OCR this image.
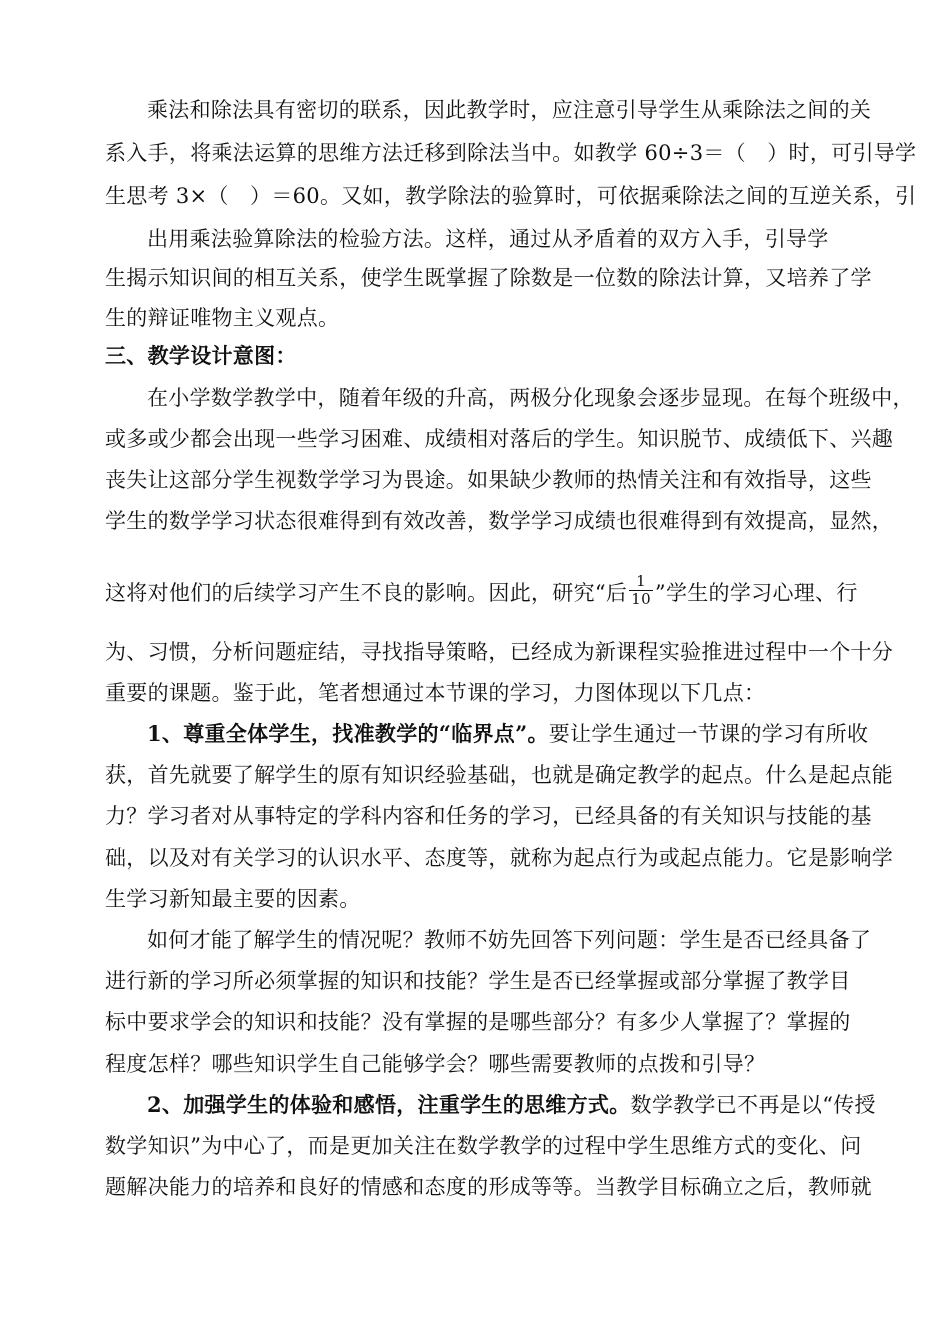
乘法和除法具有密切的联系，因此教学时，应注意引导学生从乘除法之间的关
系入手，将乘法运算的思维方法迁移到除法当中。如教学 60÷3＝（　）时，可引导学
生思考 3×（　）＝60。又如，教学除法的验算时，可依据乘除法之间的互逆关系，引
出用乘法验算除法的检验方法。这样，通过从矛盾着的双方入手，引导学
生揭示知识间的相互关系，使学生既掌握了除数是一位数的除法计算，又培养了学
生的辩证唯物主义观点。
三、教学设计意图：
在小学数学教学中，随着年级的升高，两极分化现象会逐步显现。在每个班级中，
或多或少都会出现一些学习困难、成绩相对落后的学生。知识脱节、成绩低下、兴趣
丧失让这部分学生视数学学习为畏途。如果缺少教师的热情关注和有效指导，这些
学生的数学学习状态很难得到有效改善，数学学习成绩也很难得到有效提高，显然，
这将对他们的后续学习产生不良的影响。因此，研究“后 $\frac{1}{10}$ ”学生的学习心理、行
为、习惯，分析问题症结，寻找指导策略，已经成为新课程实验推进过程中一个十分
重要的课题。鉴于此，笔者想通过本节课的学习，力图体现以下几点：
1、尊重全体学生，找准教学的“临界点”。要让学生通过一节课的学习有所收
获，首先就要了解学生的原有知识经验基础，也就是确定教学的起点。什么是起点能
力？学习者对从事特定的学科内容和任务的学习，已经具备的有关知识与技能的基
础，以及对有关学习的认识水平、态度等，就称为起点行为或起点能力。它是影响学
生学习新知最主要的因素。
如何才能了解学生的情况呢？教师不妨先回答下列问题：学生是否已经具备了
进行新的学习所必须掌握的知识和技能？学生是否已经掌握或部分掌握了教学目
标中要求学会的知识和技能？没有掌握的是哪些部分？有多少人掌握了？掌握的
程度怎样？哪些知识学生自己能够学会？哪些需要教师的点拨和引导？
2、加强学生的体验和感悟，注重学生的思维方式。数学教学已不再是以“传授
数学知识”为中心了，而是更加关注在数学教学的过程中学生思维方式的变化、问
题解决能力的培养和良好的情感和态度的形成等等。当教学目标确立之后，教师就
